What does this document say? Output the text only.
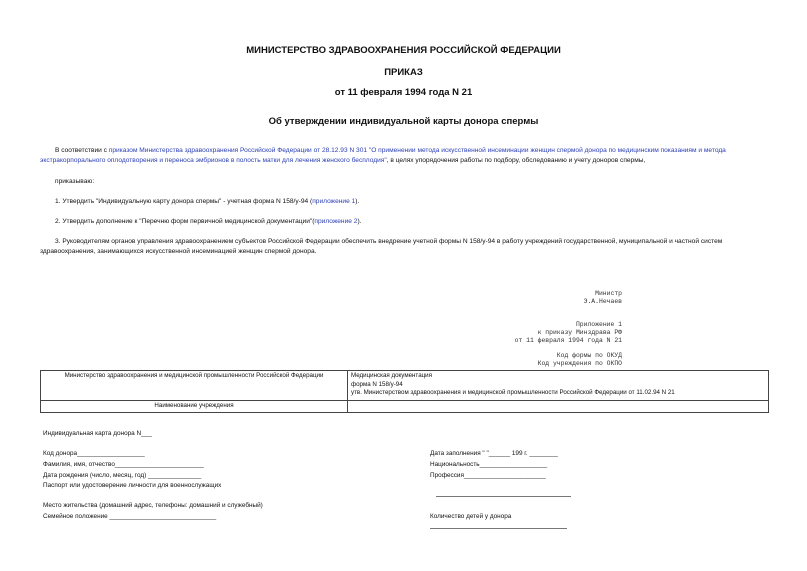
МИНИСТЕРСТВО ЗДРАВООХРАНЕНИЯ РОССИЙСКОЙ ФЕДЕРАЦИИ
ПРИКАЗ
от 11 февраля 1994 года N 21
Об утверждении индивидуальной карты донора спермы
В соответствии с приказом Министерства здравоохранения Российской Федерации от 28.12.93 N 301 "О применении метода искусственной инсеминации женщин спермой донора по медицинским показаниям и метода экстракорпорального оплодотворения и переноса эмбрионов в полость матки для лечения женского бесплодия", в целях упорядочения работы по подбору, обследованию и учету доноров спермы,
приказываю:
1. Утвердить "Индивидуальную карту донора спермы" - учетная форма N 158/у-94 (приложение 1).
2. Утвердить дополнение к "Перечню форм первичной медицинской документации"(приложение 2).
3. Руководителям органов управления здравоохранением субъектов Российской Федерации обеспечить внедрение учетной формы N 158/у-94 в работу учреждений государственной, муниципальной и частной систем здравоохранения, занимающихся искусственной инсеминацией женщин спермой донора.
Министр
Э.А.Нечаев
Приложение 1
к приказу Минздрава РФ
от 11 февраля 1994 года N 21
Код формы по ОКУД
Код учреждения по ОКПО
Министерство здравоохранения и медицинской промышленности Российской Федерации	Медицинская документация
форма N 158/у-94
утв. Министерством здравоохранения и медицинской промышленности Российской Федерации от 11.02.94 N 21

Наименование учреждения	
Индивидуальная карта донора N___
Код донора___________________	Дата заполнения " "______ 199 г. ________
Фамилия, имя, отчество_________________________	Национальность___________________
Дата рождения (число, месяц, год) _______________	Профессия_______________________
Паспорт или удостоверение личности для военнослужащих
Место жительства (домашний адрес, телефоны: домашний и служебный)
Семейное положение ______________________________	Количество детей у донора
